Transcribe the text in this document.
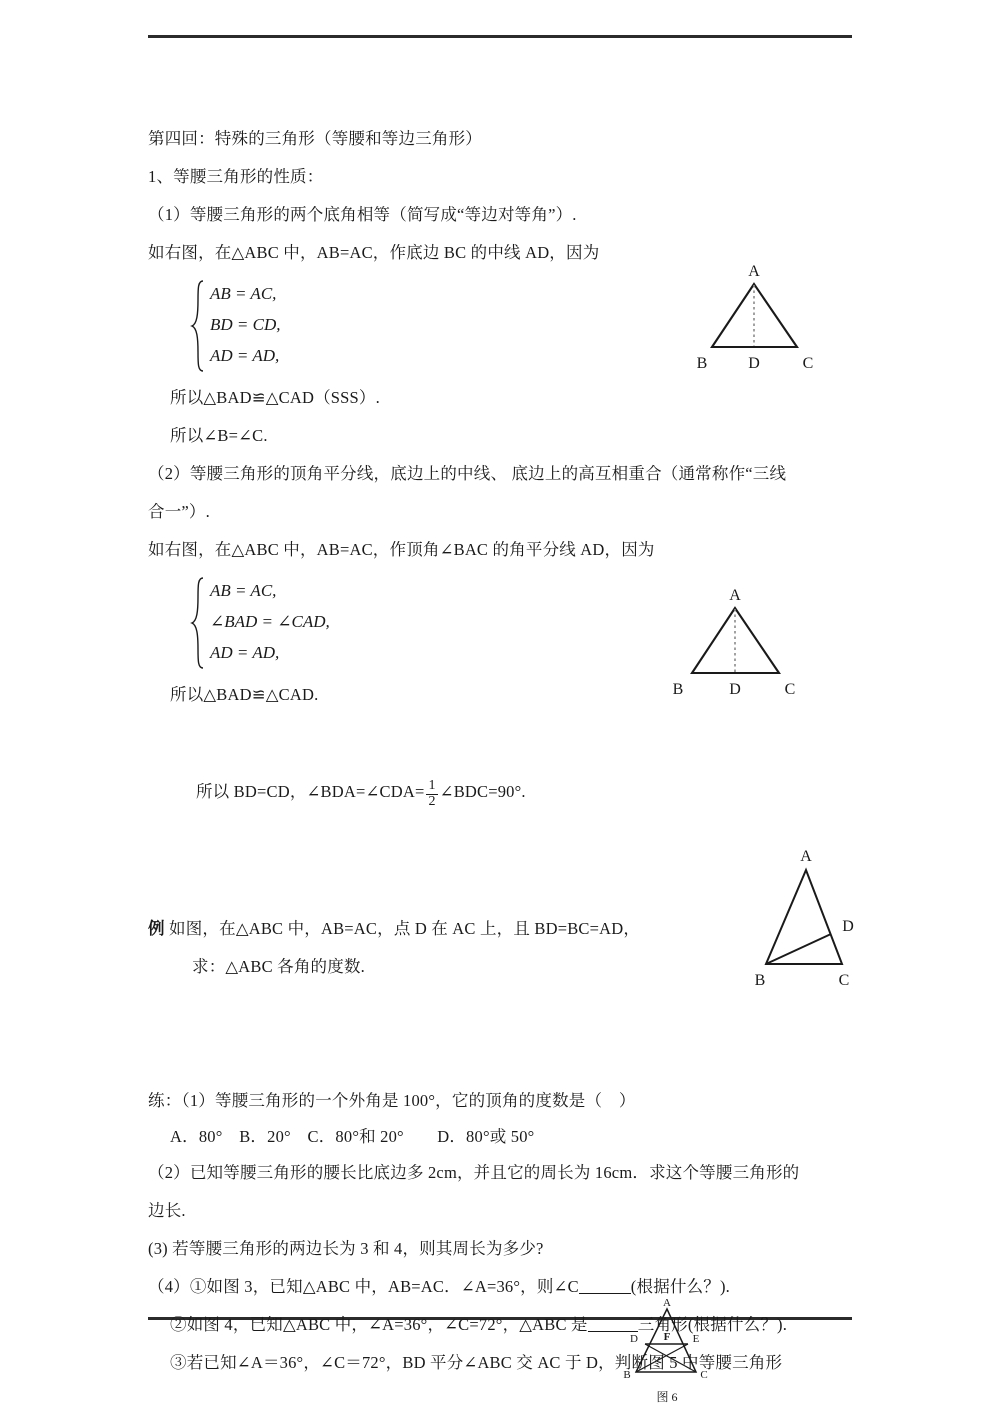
第四回：特殊的三角形（等腰和等边三角形）
1、等腰三角形的性质：
（1）等腰三角形的两个底角相等（简写成“等边对等角”）.
如右图，在△ABC 中，AB=AC，作底边 BC 的中线 AD，因为
AB = AC,
BD = CD,
AD = AD,
所以△BAD≌△CAD（SSS）.
所以∠B=∠C.
（2）等腰三角形的顶角平分线，底边上的中线、 底边上的高互相重合（通常称作“三线
合一”）.
如右图，在△ABC 中，AB=AC，作顶角∠BAC 的角平分线 AD，因为
AB = AC,
∠BAD = ∠CAD,
AD = AD,
所以△BAD≌△CAD.

所以 BD=CD，∠BDA=∠CDA= $\frac{1}{2}$ ∠BDC=90°.

例 如图，在△ABC 中，AB=AC，点 D 在 AC 上，且 BD=BC=AD，
求：△ABC 各角的度数.
练：（1）等腰三角形的一个外角是 100°，它的顶角的度数是（　）
A．80°　B．20°　C．80°和 20°　　D．80°或 50°
（2）已知等腰三角形的腰长比底边多 2cm，并且它的周长为 16cm．求这个等腰三角形的
边长.
(3) 若等腰三角形的两边长为 3 和 4，则其周长为多少?
（4）①如图 3，已知△ABC 中，AB=AC．∠A=36°，则∠C	(根据什么？).
②如图 4，已知△ABC 中，∠A=36°，∠C=72°，△ABC 是	三角形(根据什么？).
③若已知∠A＝36°，∠C＝72°，BD 平分∠ABC 交 AC 于 D，判断图 5 中等腰三角形
A
B	C
D
A
B	C
D
A
B	C
D
A
D F E
B	C
图 6
